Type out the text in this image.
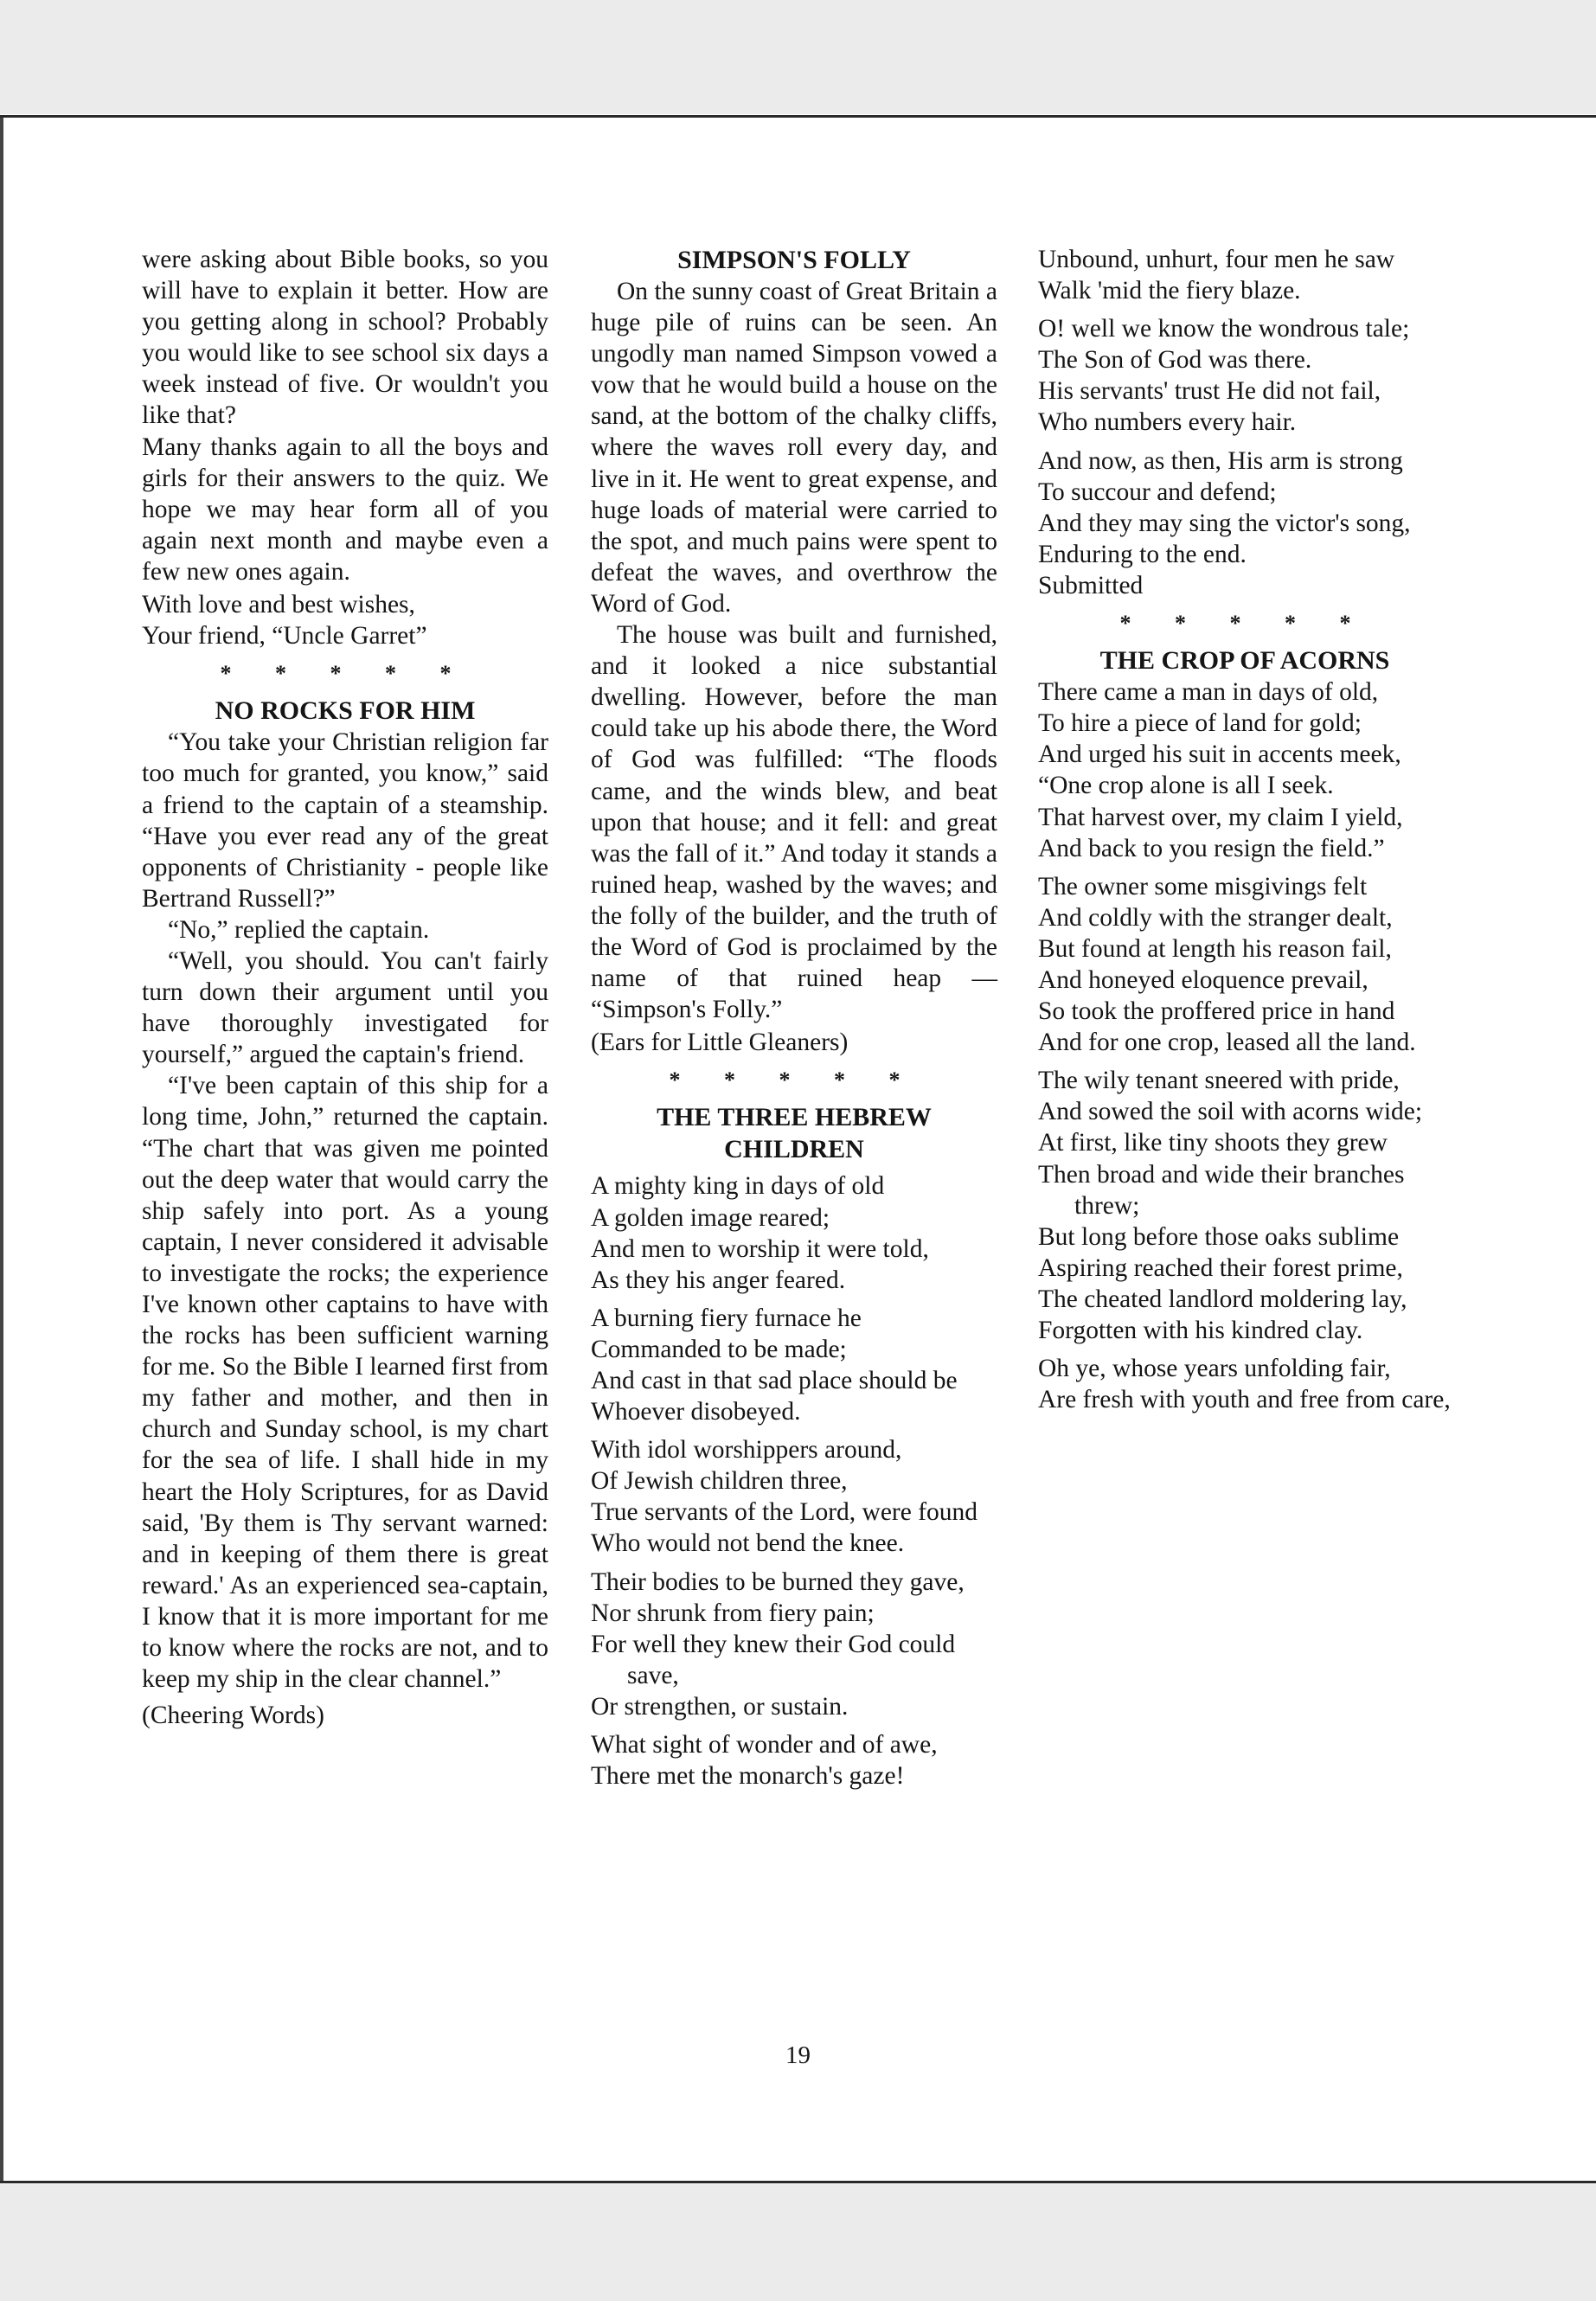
were asking about Bible books, so you will have to explain it better. How are you getting along in school? Probably you would like to see school six days a week instead of five. Or wouldn't you like that?

Many thanks again to all the boys and girls for their answers to the quiz. We hope we may hear form all of you again next month and maybe even a few new ones again.

With love and best wishes,

Your friend, “Uncle Garret”

* * * * *
NO ROCKS FOR HIM

“You take your Christian religion far too much for granted, you know,” said a friend to the captain of a steamship. “Have you ever read any of the great opponents of Christianity - people like Bertrand Russell?”

“No,” replied the captain.

“Well, you should. You can't fairly turn down their argument until you have thoroughly investigated for yourself,” argued the captain's friend.

“I've been captain of this ship for a long time, John,” returned the captain. “The chart that was given me pointed out the deep water that would carry the ship safely into port. As a young captain, I never considered it advisable to investigate the rocks; the experience I've known other captains to have with the rocks has been sufficient warning for me. So the Bible I learned first from my father and mother, and then in church and Sunday school, is my chart for the sea of life. I shall hide in my heart the Holy Scriptures, for as David said, 'By them is Thy servant warned: and in keeping of them there is great reward.' As an experienced sea-captain, I know that it is more important for me to know where the rocks are not, and to keep my ship in the clear channel.”

(Cheering Words)

SIMPSON'S FOLLY

On the sunny coast of Great Britain a huge pile of ruins can be seen. An ungodly man named Simpson vowed a vow that he would build a house on the sand, at the bottom of the chalky cliffs, where the waves roll every day, and live in it. He went to great expense, and huge loads of material were carried to the spot, and much pains were spent to defeat the waves, and overthrow the Word of God.

The house was built and furnished, and it looked a nice substantial dwelling. However, before the man could take up his abode there, the Word of God was fulfilled: “The floods came, and the winds blew, and beat upon that house; and it fell: and great was the fall of it.” And today it stands a ruined heap, washed by the waves; and the folly of the builder, and the truth of the Word of God is proclaimed by the name of that ruined heap — “Simpson's Folly.”

(Ears for Little Gleaners)

* * * * *
THE THREE HEBREW CHILDREN
A mighty king in days of old
A golden image reared;
And men to worship it were told,
As they his anger feared.
A burning fiery furnace he
Commanded to be made;
And cast in that sad place should be
Whoever disobeyed.
With idol worshippers around,
Of Jewish children three,
True servants of the Lord, were found
Who would not bend the knee.
Their bodies to be burned they gave,
Nor shrunk from fiery pain;
For well they knew their God could save,
Or strengthen, or sustain.
What sight of wonder and of awe,
There met the monarch's gaze!
Unbound, unhurt, four men he saw
Walk 'mid the fiery blaze.
O! well we know the wondrous tale;
The Son of God was there.
His servants' trust He did not fail,
Who numbers every hair.
And now, as then, His arm is strong
To succour and defend;
And they may sing the victor's song,
Enduring to the end.

Submitted

* * * * *
THE CROP OF ACORNS
There came a man in days of old,
To hire a piece of land for gold;
And urged his suit in accents meek,
“One crop alone is all I seek.
That harvest over, my claim I yield,
And back to you resign the field.”
The owner some misgivings felt
And coldly with the stranger dealt,
But found at length his reason fail,
And honeyed eloquence prevail,
So took the proffered price in hand
And for one crop, leased all the land.
The wily tenant sneered with pride,
And sowed the soil with acorns wide;
At first, like tiny shoots they grew
Then broad and wide their branches threw;
But long before those oaks sublime
Aspiring reached their forest prime,
The cheated landlord moldering lay,
Forgotten with his kindred clay.
Oh ye, whose years unfolding fair,
Are fresh with youth and free from care,
19
